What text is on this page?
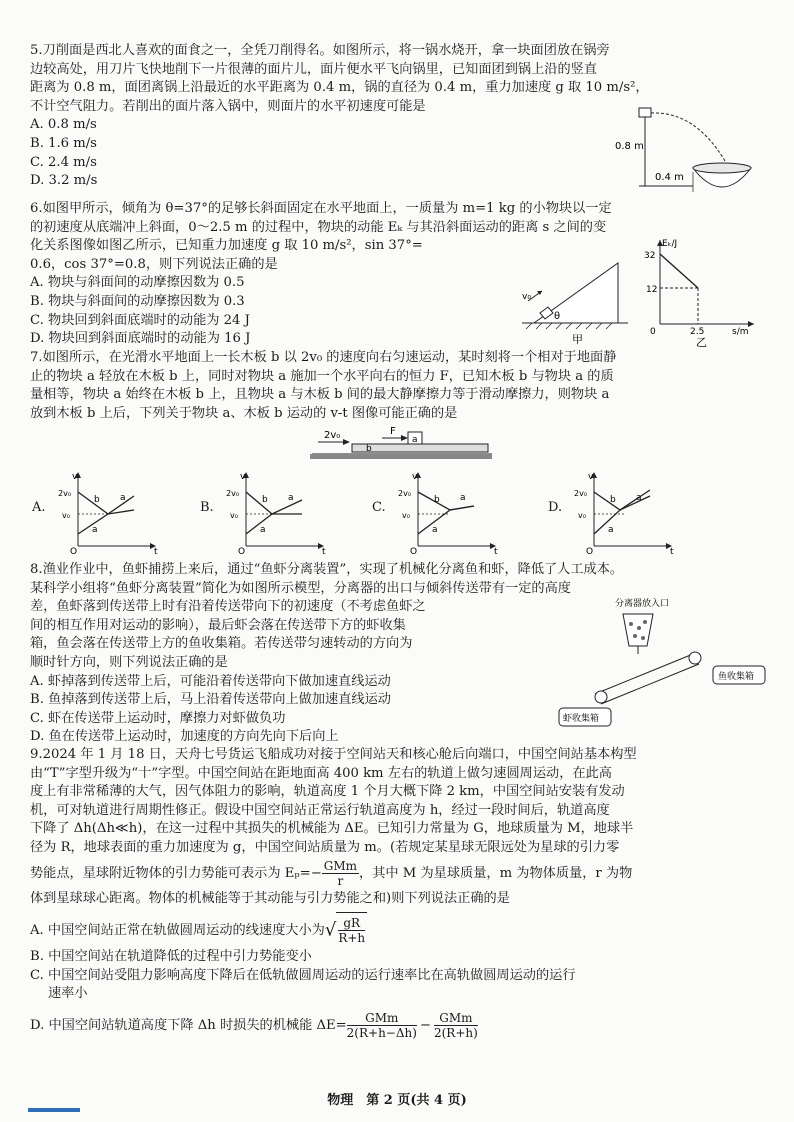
5.刀削面是西北人喜欢的面食之一，全凭刀削得名。如图所示，将一锅水烧开，拿一块面团放在锅旁
边较高处，用刀片飞快地削下一片很薄的面片儿，面片便水平飞向锅里，已知面团到锅上沿的竖直
距离为 0.8 m，面团离锅上沿最近的水平距离为 0.4 m，锅的直径为 0.4 m，重力加速度 g 取 10 m/s²，
不计空气阻力。若削出的面片落入锅中，则面片的水平初速度可能是
A. 0.8 m/s
B. 1.6 m/s
C. 2.4 m/s
D. 3.2 m/s
0.8 m
0.4 m
6.如图甲所示，倾角为 θ=37°的足够长斜面固定在水平地面上，一质量为 m=1 kg 的小物块以一定
的初速度从底端冲上斜面，0～2.5 m 的过程中，物块的动能 Eₖ 与其沿斜面运动的距离 s 之间的变
化关系图像如图乙所示，已知重力加速度 g 取 10 m/s²，sin 37°=
0.6，cos 37°=0.8，则下列说法正确的是
A. 物块与斜面间的动摩擦因数为 0.5
B. 物块与斜面间的动摩擦因数为 0.3
C. 物块回到斜面底端时的动能为 24 J
D. 物块回到斜面底端时的动能为 16 J
v₀
θ
甲
Eₖ/J
32
12
0	2.5	s/m
乙
7.如图所示，在光滑水平地面上一长木板 b 以 2v₀ 的速度向右匀速运动，某时刻将一个相对于地面静
止的物块 a 轻放在木板 b 上，同时对物块 a 施加一个水平向右的恒力 F，已知木板 b 与物块 a 的质
量相等，物块 a 始终在木板 b 上，且物块 a 与木板 b 间的最大静摩擦力等于滑动摩擦力，则物块 a
放到木板 b 上后，下列关于物块 a、木板 b 运动的 v-t 图像可能正确的是
2v₀	F
a
b
A.
v
t
O
2v₀
v₀
b a
a
B.
v
t
O
2v₀
v₀
b a
a
C.
v
t
O
2v₀
v₀
b a
a
D.
v
t
O
2v₀
v₀
b a
a
8.渔业作业中，鱼虾捕捞上来后，通过“鱼虾分离装置”，实现了机械化分离鱼和虾，降低了人工成本。
某科学小组将“鱼虾分离装置”简化为如图所示模型，分离器的出口与倾斜传送带有一定的高度
差，鱼虾落到传送带上时有沿着传送带向下的初速度（不考虑鱼虾之
间的相互作用对运动的影响），最后虾会落在传送带下方的虾收集
箱，鱼会落在传送带上方的鱼收集箱。若传送带匀速转动的方向为
顺时针方向，则下列说法正确的是
A. 虾掉落到传送带上后，可能沿着传送带向下做加速直线运动
B. 鱼掉落到传送带上后，马上沿着传送带向上做加速直线运动
C. 虾在传送带上运动时，摩擦力对虾做负功
D. 鱼在传送带上运动时，加速度的方向先向下后向上
分离器放入口
鱼收集箱
虾收集箱
9.2024 年 1 月 18 日，天舟七号货运飞船成功对接于空间站天和核心舱后向端口，中国空间站基本构型
由“T”字型升级为“十”字型。中国空间站在距地面高 400 km 左右的轨道上做匀速圆周运动，在此高
度上有非常稀薄的大气，因气体阻力的影响，轨道高度 1 个月大概下降 2 km，中国空间站安装有发动
机，可对轨道进行周期性修正。假设中国空间站正常运行轨道高度为 h，经过一段时间后，轨道高度
下降了 Δh(Δh≪h)，在这一过程中其损失的机械能为 ΔE。已知引力常量为 G，地球质量为 M，地球半
径为 R，地球表面的重力加速度为 g，中国空间站质量为 m。(若规定某星球无限远处为星球的引力零
势能点，星球附近物体的引力势能可表示为 $E_p=- \frac{\text{GMm}}{r}$ ，其中 M 为星球质量，m 为物体质量，r 为物
体到星球球心距离。物体的机械能等于其动能与引力势能之和)则下列说法正确的是
A. 中国空间站正常在轨做圆周运动的线速度大小为√ $\frac{gR}{R+h}$
B. 中国空间站在轨道降低的过程中引力势能变小
C. 中国空间站受阻力影响高度下降后在低轨做圆周运动的运行速率比在高轨做圆周运动的运行
速率小
D. 中国空间站轨道高度下降 Δh 时损失的机械能 $\Delta E= \frac{\text{GMm}}{2(R+h-\Delta h)} - \frac{\text{GMm}}{2(R+h)}$
物理　第 2 页(共 4 页)
